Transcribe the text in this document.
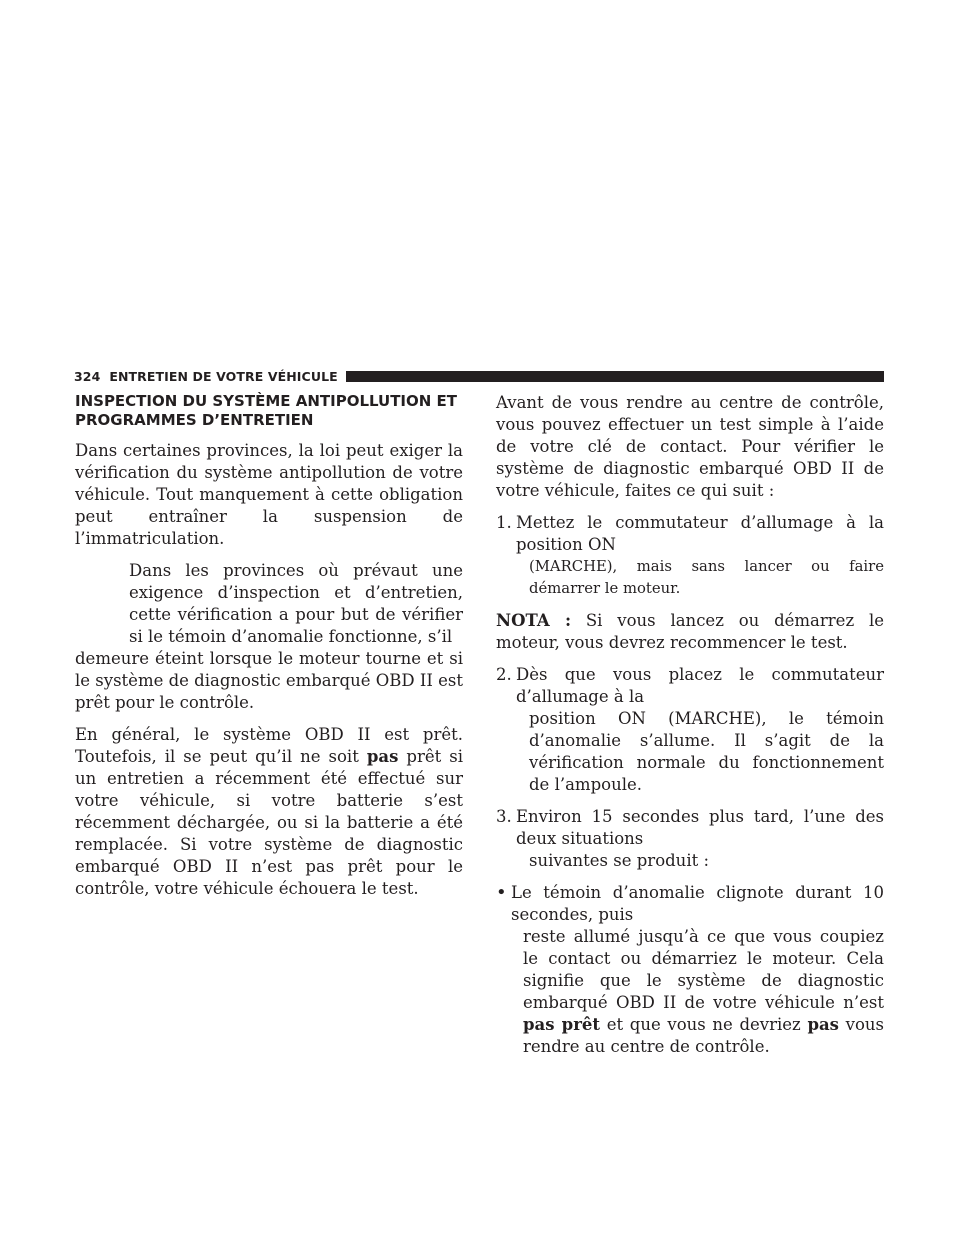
324 ENTRETIEN DE VOTRE VÉHICULE
INSPECTION DU SYSTÈME ANTIPOLLUTION ET
PROGRAMMES D’ENTRETIEN

Dans certaines provinces, la loi peut exiger la vérification du système antipollution de votre véhicule. Tout manquement à cette obligation peut entraîner la suspension de l’immatriculation.

Dans les provinces où prévaut une exigence d’inspection et d’entretien, cette vérification a pour but de vérifier si le témoin d’anomalie fonctionne, s’il
demeure éteint lorsque le moteur tourne et si le système de diagnostic embarqué OBD II est prêt pour le contrôle.

En général, le système OBD II est prêt. Toutefois, il se peut qu’il ne soit pas prêt si un entretien a récemment été effectué sur votre véhicule, si votre batterie s’est récemment déchargée, ou si la batterie a été remplacée. Si votre système de diagnostic embarqué OBD II n’est pas prêt pour le contrôle, votre véhicule échouera le test.

Avant de vous rendre au centre de contrôle, vous pouvez effectuer un test simple à l’aide de votre clé de contact. Pour vérifier le système de diagnostic embarqué OBD II de votre véhicule, faites ce qui suit :

1. Mettez le commutateur d’allumage à la position ON
(MARCHE), mais sans lancer ou faire démarrer le moteur.

NOTA : Si vous lancez ou démarrez le moteur, vous devrez recommencer le test.

2. Dès que vous placez le commutateur d’allumage à la
position ON (MARCHE), le témoin d’anomalie s’allume. Il s’agit de la vérification normale du fonctionnement de l’ampoule.
3. Environ 15 secondes plus tard, l’une des deux situations
suivantes se produit :
• Le témoin d’anomalie clignote durant 10 secondes, puis
reste allumé jusqu’à ce que vous coupiez le contact ou démarriez le moteur. Cela signifie que le système de diagnostic embarqué OBD II de votre véhicule n’est pas prêt et que vous ne devriez pas vous rendre au centre de contrôle.
